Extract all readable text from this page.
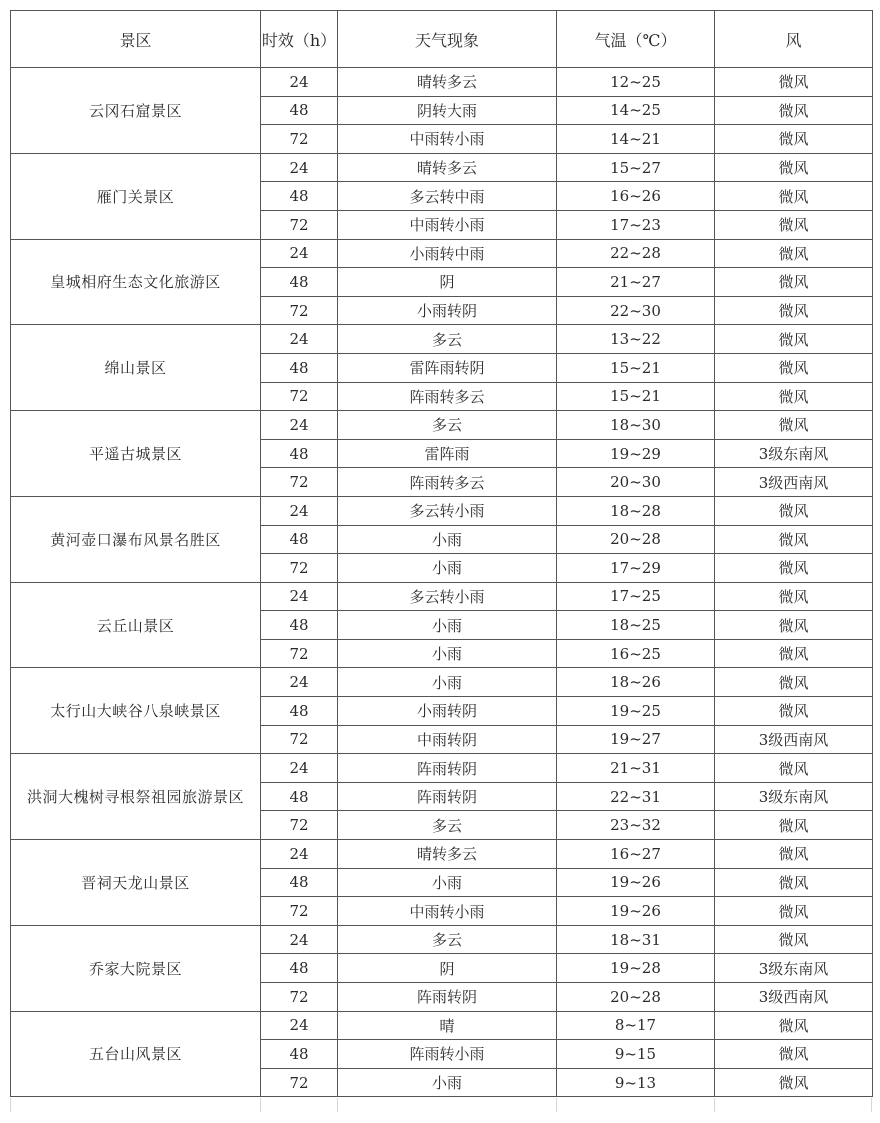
景区	时效（h）	天气现象	气温（℃）	风
云冈石窟景区	24	晴转多云	12~25	微风
	48	阴转大雨	14~25	微风
	72	中雨转小雨	14~21	微风
雁门关景区	24	晴转多云	15~27	微风
	48	多云转中雨	16~26	微风
	72	中雨转小雨	17~23	微风
皇城相府生态文化旅游区	24	小雨转中雨	22~28	微风
	48	阴	21~27	微风
	72	小雨转阴	22~30	微风
绵山景区	24	多云	13~22	微风
	48	雷阵雨转阴	15~21	微风
	72	阵雨转多云	15~21	微风
平遥古城景区	24	多云	18~30	微风
	48	雷阵雨	19~29	3级东南风
	72	阵雨转多云	20~30	3级西南风
黄河壶口瀑布风景名胜区	24	多云转小雨	18~28	微风
	48	小雨	20~28	微风
	72	小雨	17~29	微风
云丘山景区	24	多云转小雨	17~25	微风
	48	小雨	18~25	微风
	72	小雨	16~25	微风
太行山大峡谷八泉峡景区	24	小雨	18~26	微风
	48	小雨转阴	19~25	微风
	72	中雨转阴	19~27	3级西南风
洪洞大槐树寻根祭祖园旅游景区	24	阵雨转阴	21~31	微风
	48	阵雨转阴	22~31	3级东南风
	72	多云	23~32	微风
晋祠天龙山景区	24	晴转多云	16~27	微风
	48	小雨	19~26	微风
	72	中雨转小雨	19~26	微风
乔家大院景区	24	多云	18~31	微风
	48	阴	19~28	3级东南风
	72	阵雨转阴	20~28	3级西南风
五台山风景区	24	晴	8~17	微风
	48	阵雨转小雨	9~15	微风
	72	小雨	9~13	微风
